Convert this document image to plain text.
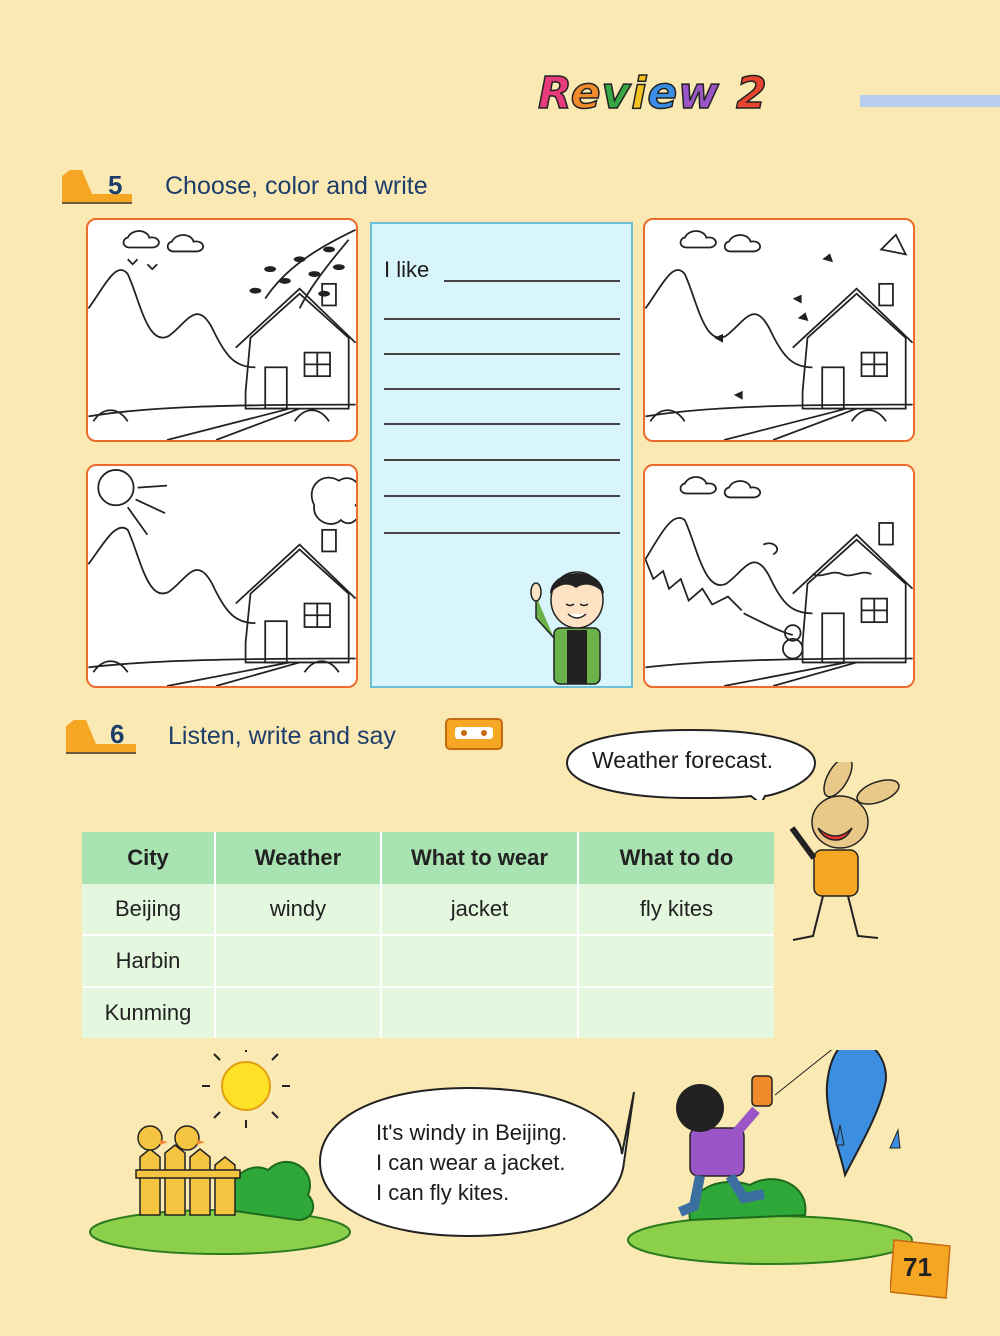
Review 2
5 Choose, color and write
I like
6 Listen, write and say
Weather forecast.
City	Weather	What to wear	What to do
Beijing	windy	jacket	fly kites
Harbin			
Kunming			
It's windy in Beijing.
I can wear a jacket.
I can fly kites.
71
